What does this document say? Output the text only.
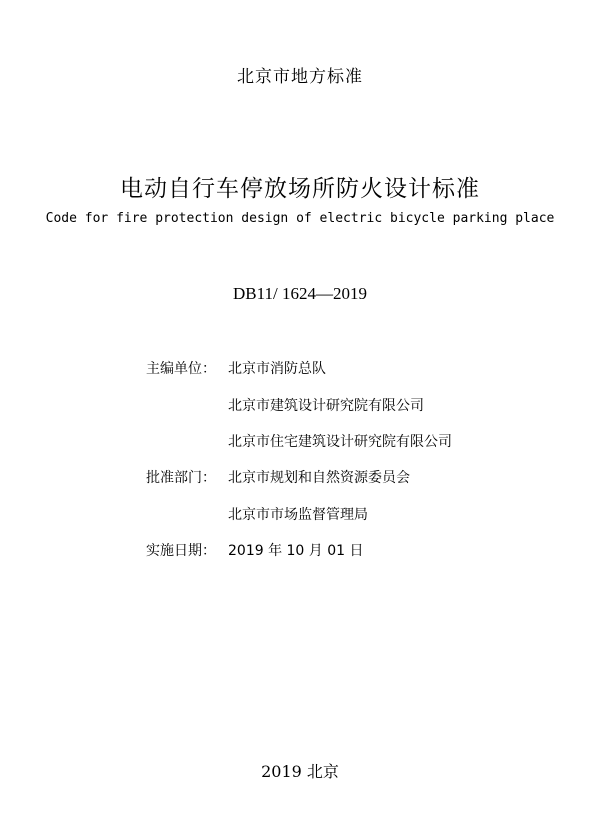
北京市地方标准
电动自行车停放场所防火设计标准
Code for fire protection design of electric bicycle parking place
DB11/ 1624—2019
主编单位： 北京市消防总队
北京市建筑设计研究院有限公司
北京市住宅建筑设计研究院有限公司
批准部门： 北京市规划和自然资源委员会
北京市市场监督管理局
实施日期： 2019 年 10 月 01 日
2019 北京
